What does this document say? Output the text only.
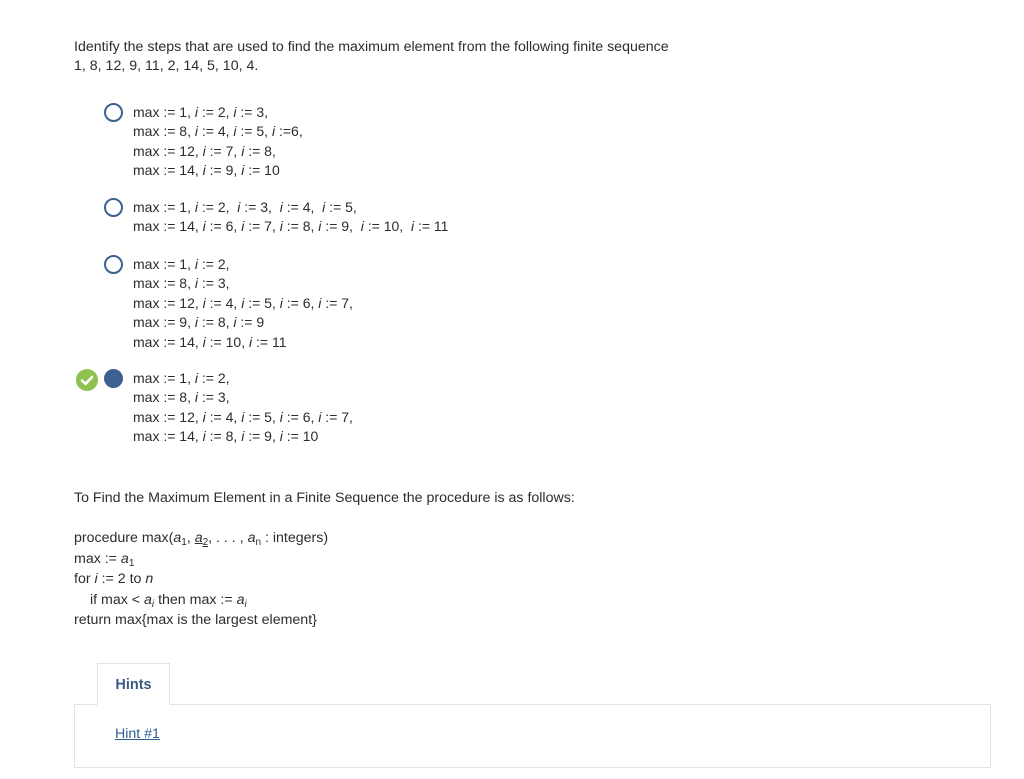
Identify the steps that are used to find the maximum element from the following finite sequence
1, 8, 12, 9, 11, 2, 14, 5, 10, 4.
max := 1, i := 2, i := 3,
max := 8, i := 4, i := 5, i :=6,
max := 12, i := 7, i := 8,
max := 14, i := 9, i := 10
max := 1, i := 2,  i := 3,  i := 4,  i := 5,
max := 14, i := 6, i := 7, i := 8, i := 9,  i := 10,  i := 11
max := 1, i := 2,
max := 8, i := 3,
max := 12, i := 4, i := 5, i := 6, i := 7,
max := 9, i := 8, i := 9
max := 14, i := 10, i := 11
max := 1, i := 2,
max := 8, i := 3,
max := 12, i := 4, i := 5, i := 6, i := 7,
max := 14, i := 8, i := 9, i := 10
To Find the Maximum Element in a Finite Sequence the procedure is as follows:
procedure $\max(a_1$, $a_2$, . . . , $a_n$ : integers)
max := $a_1$
for i := 2 to n
if $\max < a_i$ then max := $a_i$
return max{max is the largest element}
Hints
Hint #1
